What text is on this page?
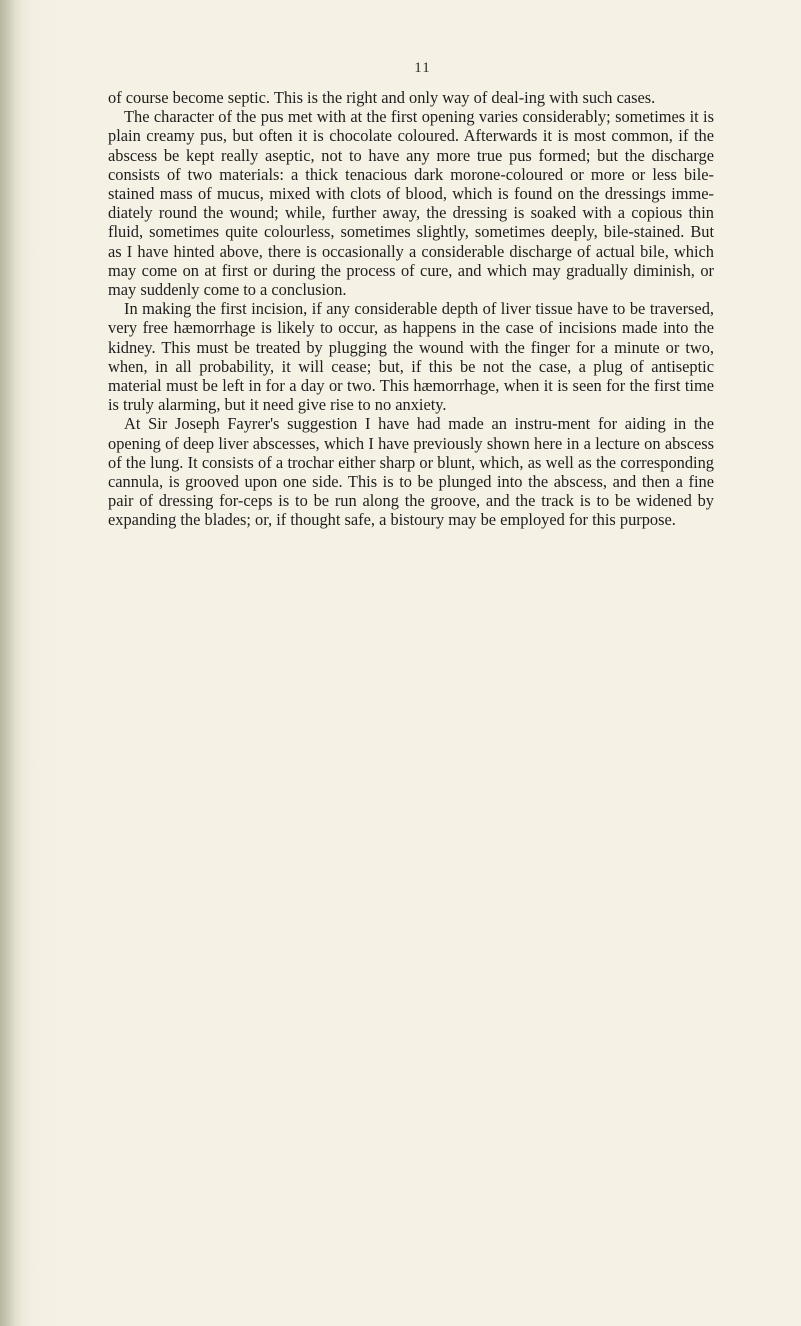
11

of course become septic. This is the right and only way of deal-ing with such cases.

The character of the pus met with at the first opening varies considerably; sometimes it is plain creamy pus, but often it is chocolate coloured. Afterwards it is most common, if the abscess be kept really aseptic, not to have any more true pus formed; but the discharge consists of two materials: a thick tenacious dark morone-coloured or more or less bile-stained mass of mucus, mixed with clots of blood, which is found on the dressings imme-diately round the wound; while, further away, the dressing is soaked with a copious thin fluid, sometimes quite colourless, sometimes slightly, sometimes deeply, bile-stained. But as I have hinted above, there is occasionally a considerable discharge of actual bile, which may come on at first or during the process of cure, and which may gradually diminish, or may suddenly come to a conclusion.

In making the first incision, if any considerable depth of liver tissue have to be traversed, very free hæmorrhage is likely to occur, as happens in the case of incisions made into the kidney. This must be treated by plugging the wound with the finger for a minute or two, when, in all probability, it will cease; but, if this be not the case, a plug of antiseptic material must be left in for a day or two. This hæmorrhage, when it is seen for the first time is truly alarming, but it need give rise to no anxiety.

At Sir Joseph Fayrer's suggestion I have had made an instru-ment for aiding in the opening of deep liver abscesses, which I have previously shown here in a lecture on abscess of the lung. It consists of a trochar either sharp or blunt, which, as well as the corresponding cannula, is grooved upon one side. This is to be plunged into the abscess, and then a fine pair of dressing for-ceps is to be run along the groove, and the track is to be widened by expanding the blades; or, if thought safe, a bistoury may be employed for this purpose.
